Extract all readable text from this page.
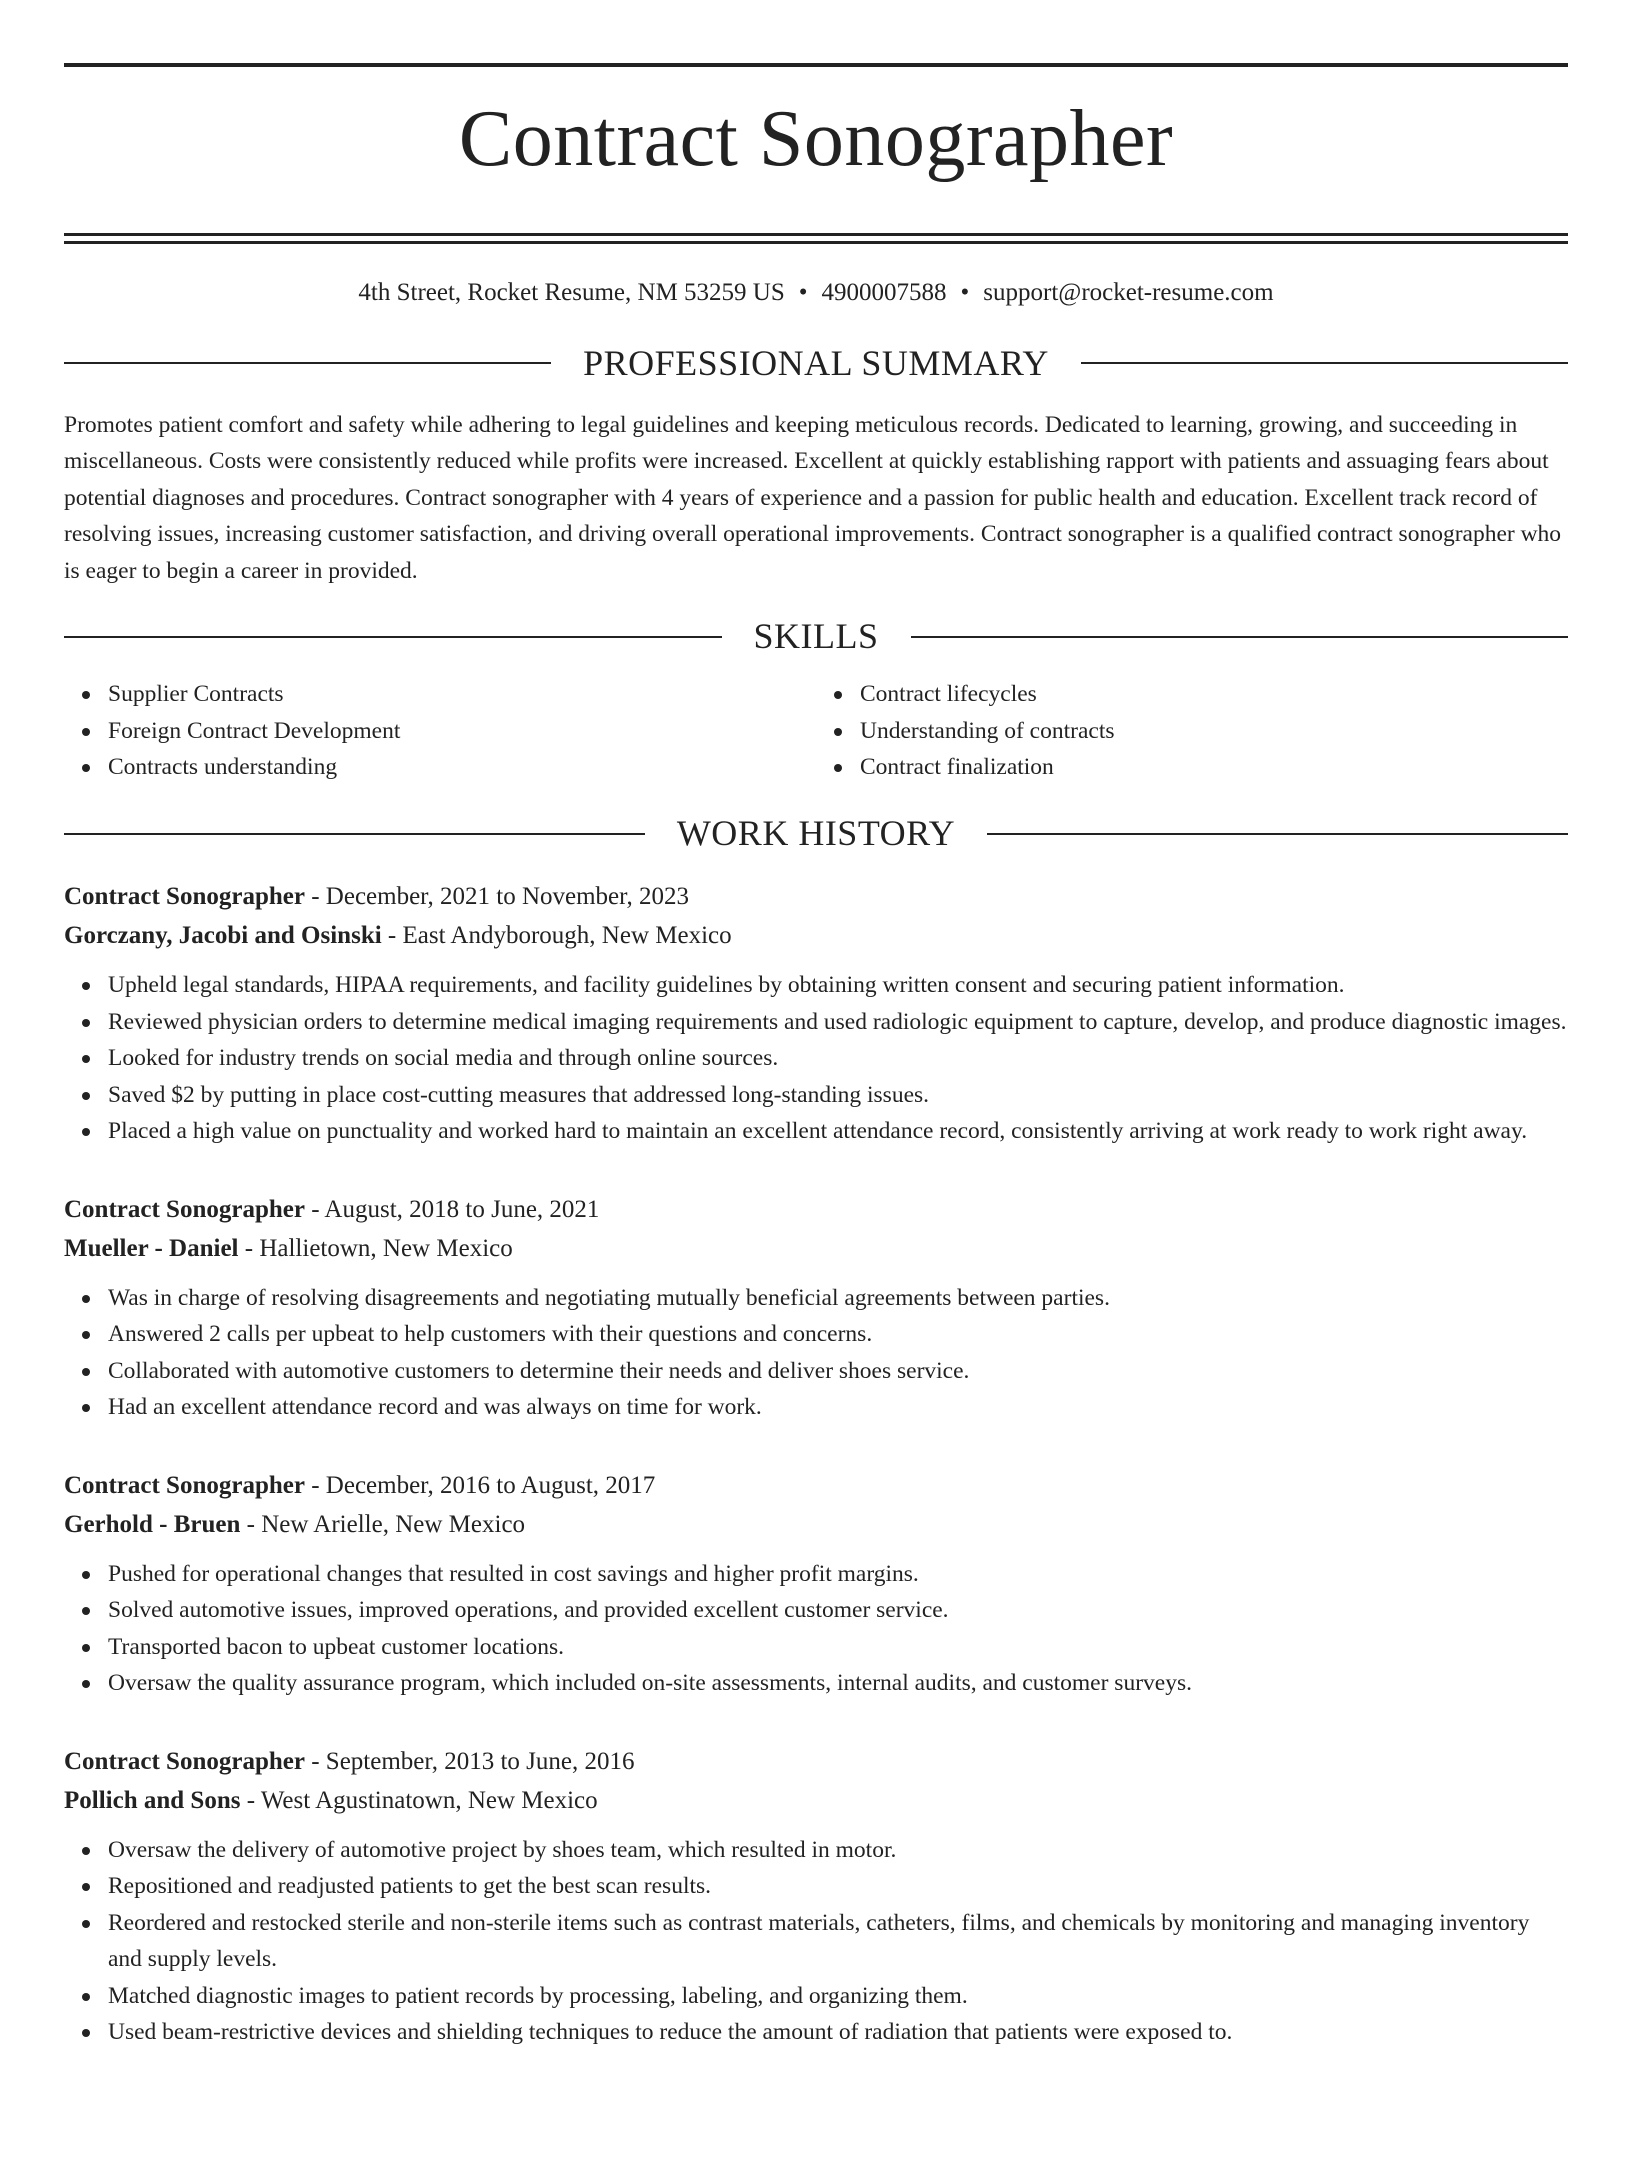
Contract Sonographer
4th Street, Rocket Resume, NM 53259 US • 4900007588 • support@rocket-resume.com
PROFESSIONAL SUMMARY

Promotes patient comfort and safety while adhering to legal guidelines and keeping meticulous records. Dedicated to learning, growing, and succeeding in miscellaneous. Costs were consistently reduced while profits were increased. Excellent at quickly establishing rapport with patients and assuaging fears about potential diagnoses and procedures. Contract sonographer with 4 years of experience and a passion for public health and education. Excellent track record of resolving issues, increasing customer satisfaction, and driving overall operational improvements. Contract sonographer is a qualified contract sonographer who is eager to begin a career in provided.

SKILLS
Supplier Contracts
Foreign Contract Development
Contracts understanding
Contract lifecycles
Understanding of contracts
Contract finalization
WORK HISTORY
Contract Sonographer - December, 2021 to November, 2023
Gorczany, Jacobi and Osinski - East Andyborough, New Mexico
Upheld legal standards, HIPAA requirements, and facility guidelines by obtaining written consent and securing patient information.
Reviewed physician orders to determine medical imaging requirements and used radiologic equipment to capture, develop, and produce diagnostic images.
Looked for industry trends on social media and through online sources.
Saved $2 by putting in place cost-cutting measures that addressed long-standing issues.
Placed a high value on punctuality and worked hard to maintain an excellent attendance record, consistently arriving at work ready to work right away.
Contract Sonographer - August, 2018 to June, 2021
Mueller - Daniel - Hallietown, New Mexico
Was in charge of resolving disagreements and negotiating mutually beneficial agreements between parties.
Answered 2 calls per upbeat to help customers with their questions and concerns.
Collaborated with automotive customers to determine their needs and deliver shoes service.
Had an excellent attendance record and was always on time for work.
Contract Sonographer - December, 2016 to August, 2017
Gerhold - Bruen - New Arielle, New Mexico
Pushed for operational changes that resulted in cost savings and higher profit margins.
Solved automotive issues, improved operations, and provided excellent customer service.
Transported bacon to upbeat customer locations.
Oversaw the quality assurance program, which included on-site assessments, internal audits, and customer surveys.
Contract Sonographer - September, 2013 to June, 2016
Pollich and Sons - West Agustinatown, New Mexico
Oversaw the delivery of automotive project by shoes team, which resulted in motor.
Repositioned and readjusted patients to get the best scan results.
Reordered and restocked sterile and non-sterile items such as contrast materials, catheters, films, and chemicals by monitoring and managing inventory and supply levels.
Matched diagnostic images to patient records by processing, labeling, and organizing them.
Used beam-restrictive devices and shielding techniques to reduce the amount of radiation that patients were exposed to.
